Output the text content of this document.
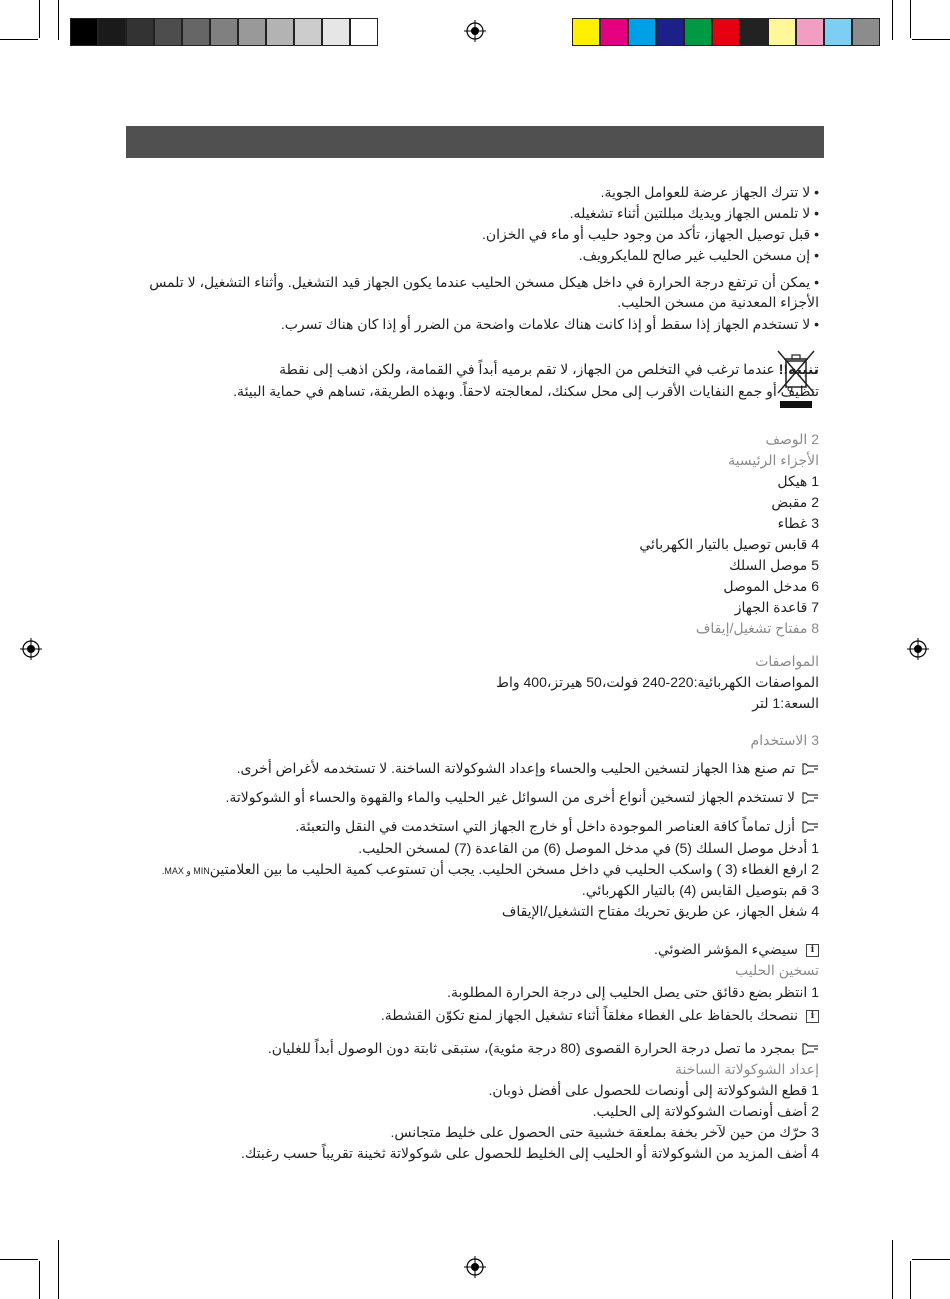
• لا تترك الجهاز عرضة للعوامل الجوية.
• لا تلمس الجهاز ويديك مبللتين أثناء تشغيله.
• قبل توصيل الجهاز، تأكد من وجود حليب أو ماء في الخزان.
• إن مسخن الحليب غير صالح للمايكرويف.
• يمكن أن ترتفع درجة الحرارة في داخل هيكل مسخن الحليب عندما يكون الجهاز قيد التشغيل. وأثناء التشغيل، لا تلمس الأجزاء المعدنية من مسخن الحليب.
• لا تستخدم الجهاز إذا سقط أو إذا كانت هناك علامات واضحة من الضرر أو إذا كان هناك تسرب.
تنبيه!! عندما ترغب في التخلص من الجهاز، لا تقم برميه أبداً في القمامة، ولكن اذهب إلى نقطة
تنظيف أو جمع النفايات الأقرب إلى محل سكنك، لمعالجته لاحقاً. وبهذه الطريقة، تساهم في حماية البيئة.
2 الوصف
الأجزاء الرئيسية
1 هيكل
2 مقبض
3 غطاء
4 قابس توصيل بالتيار الكهربائي
5 موصل السلك
6 مدخل الموصل
7 قاعدة الجهاز
8 مفتاح تشغيل/إيقاف
المواصفات
المواصفات الكهربائية:220-240 فولت،50 هيرتز،400 واط
السعة:1 لتر
3 الاستخدام
تم صنع هذا الجهاز لتسخين الحليب والحساء وإعداد الشوكولاتة الساخنة. لا تستخدمه لأغراض أخرى.
لا تستخدم الجهاز لتسخين أنواع أخرى من السوائل غير الحليب والماء والقهوة والحساء أو الشوكولاتة.
أزل تماماً كافة العناصر الموجودة داخل أو خارج الجهاز التي استخدمت في النقل والتعبئة.
1 أدخل موصل السلك (5) في مدخل الموصل (6) من القاعدة (7) لمسخن الحليب.
2 ارفع الغطاء (3 ) واسكب الحليب في داخل مسخن الحليب. يجب أن تستوعب كمية الحليب ما بين العلامتينMIN و MAX.
3 قم بتوصيل القابس (4) بالتيار الكهربائي.
4 شغل الجهاز، عن طريق تحريك مفتاح التشغيل/الإيقاف
iسيضيء المؤشر الضوئي.
تسخين الحليب
1 انتظر بضع دقائق حتى يصل الحليب إلى درجة الحرارة المطلوبة.
iننصحك بالحفاظ على الغطاء مغلقاً أثناء تشغيل الجهاز لمنع تكوّن القشطة.
بمجرد ما تصل درجة الحرارة القصوى (80 درجة مئوية)، ستبقى ثابتة دون الوصول أبداً للغليان.
إعداد الشوكولاتة الساخنة
1 قطع الشوكولاتة إلى أونصات للحصول على أفضل ذوبان.
2 أضف أونصات الشوكولاتة إلى الحليب.
3 حرّك من حين لآخر بخفة بملعقة خشبية حتى الحصول على خليط متجانس.
4 أضف المزيد من الشوكولاتة أو الحليب إلى الخليط للحصول على شوكولاتة ثخينة تقريباً حسب رغبتك.
